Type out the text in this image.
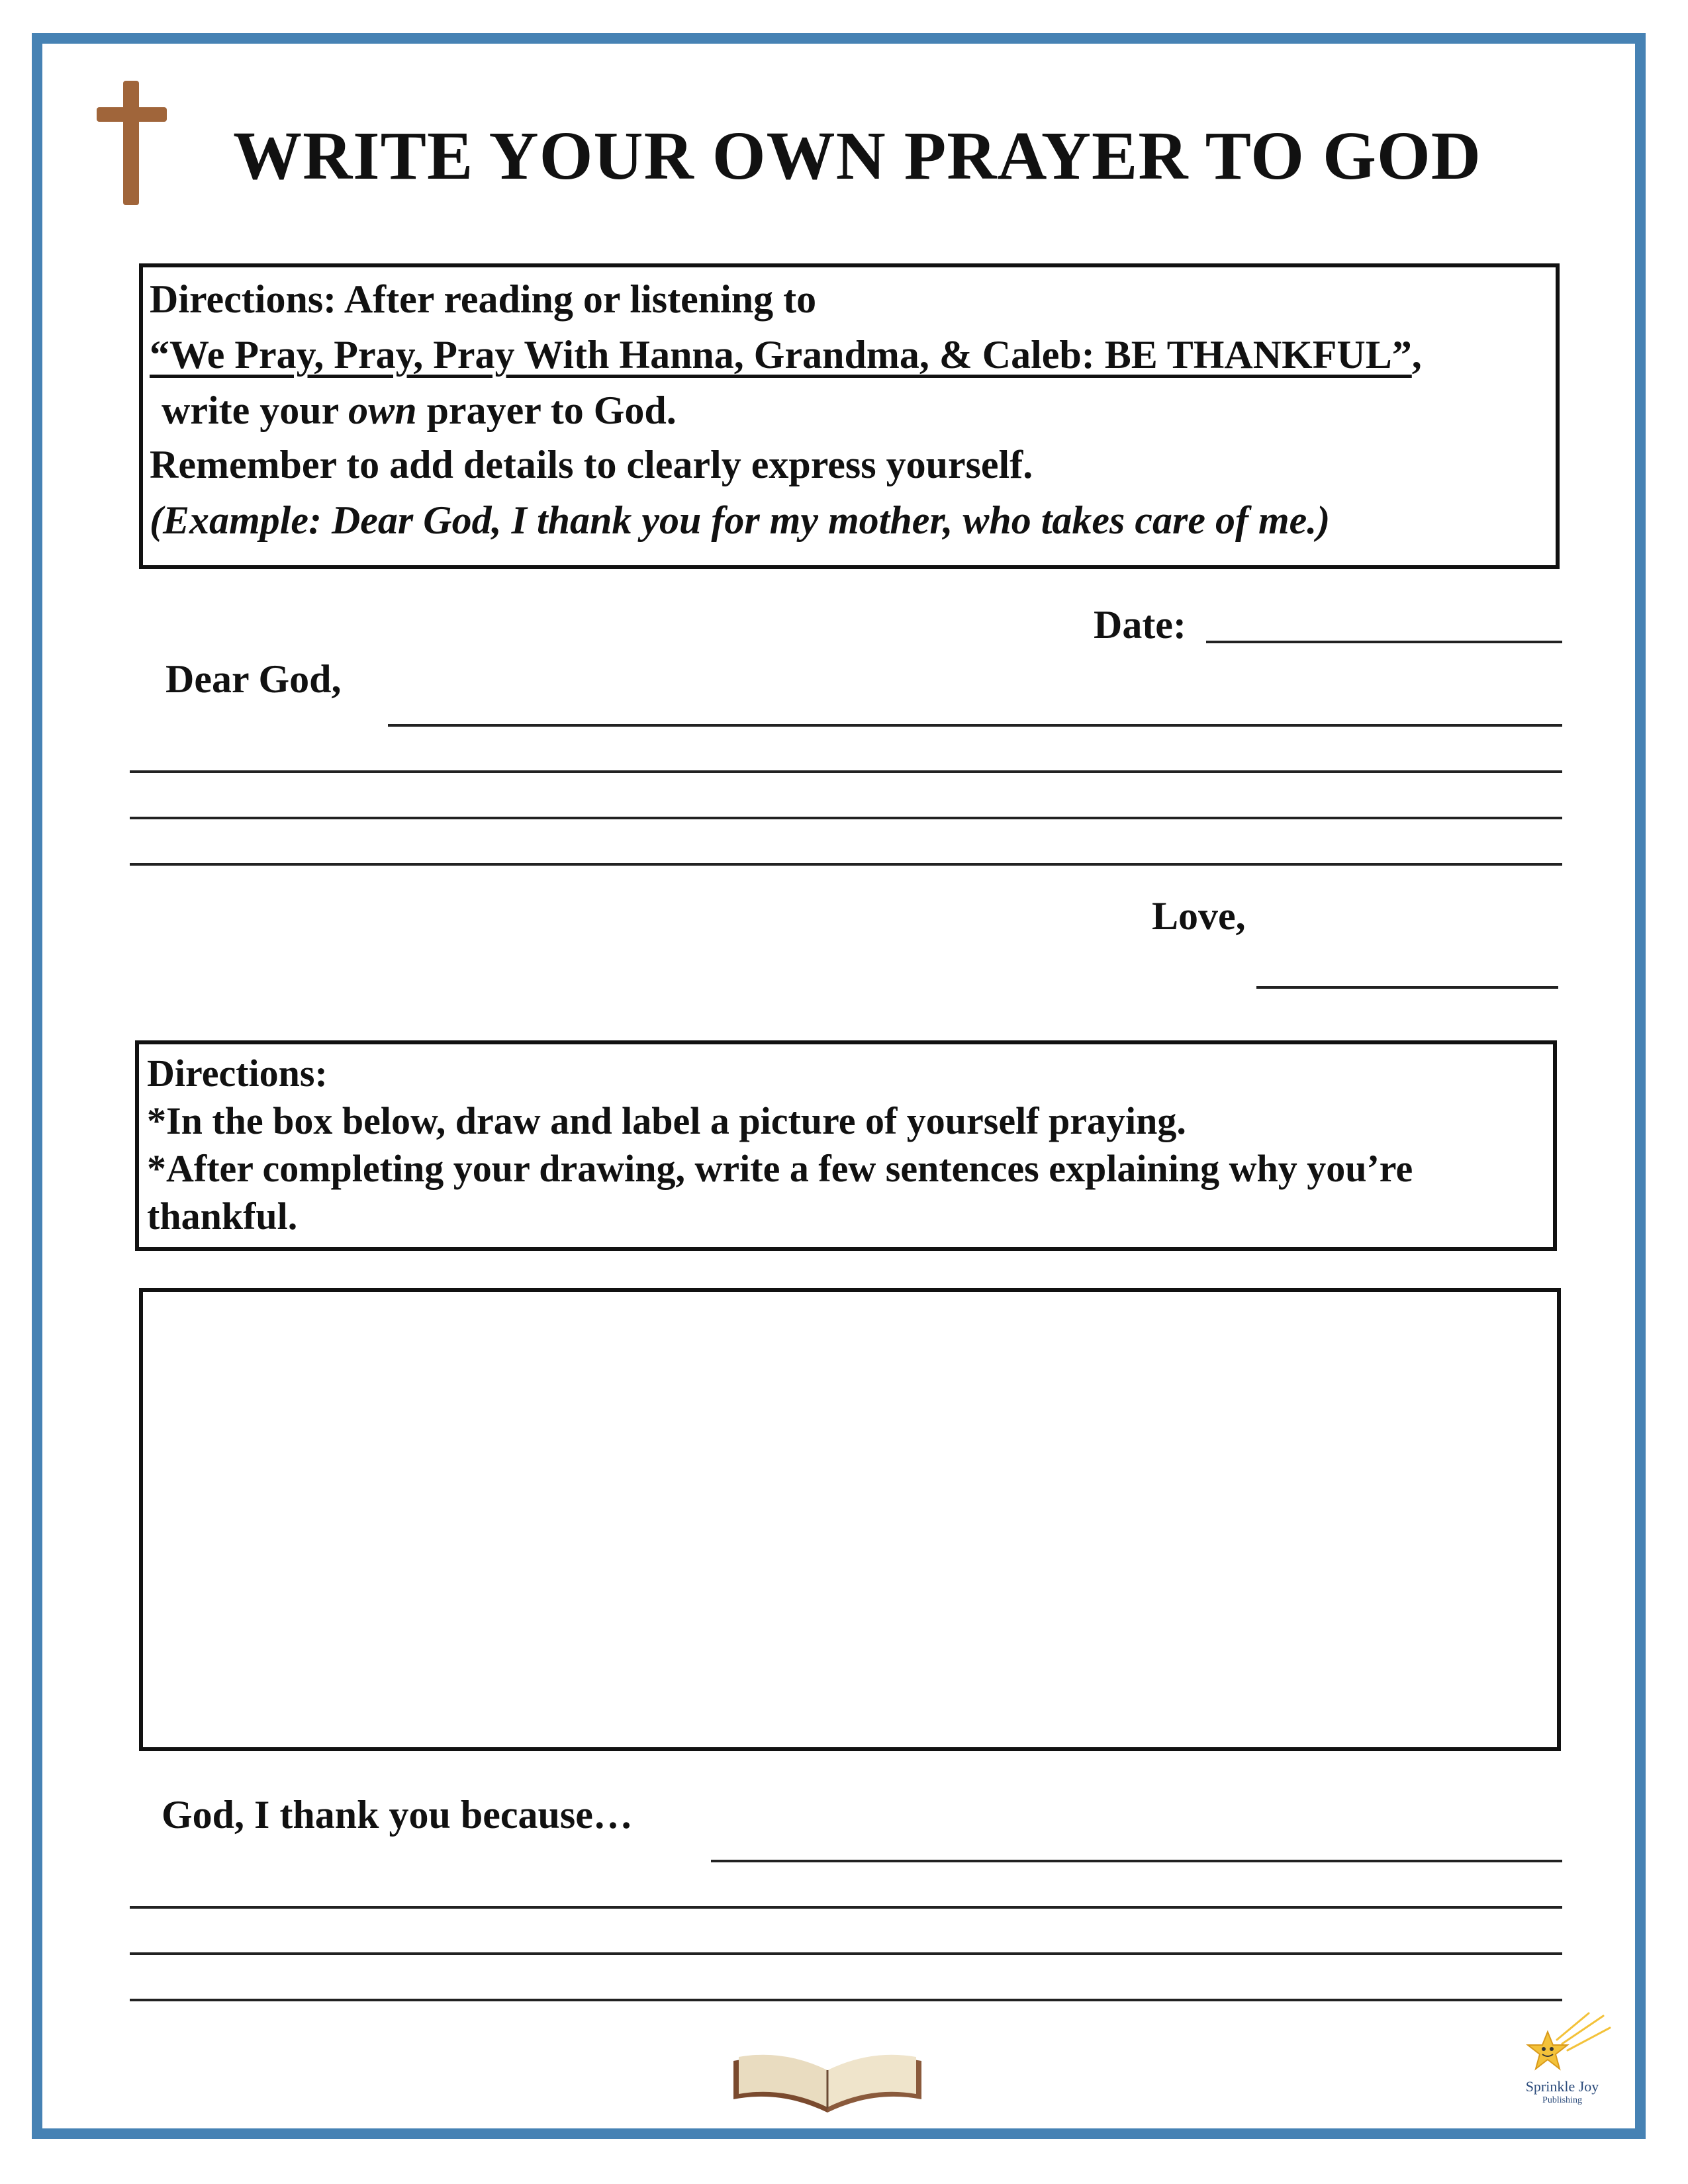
WRITE YOUR OWN PRAYER TO GOD
Directions: After reading or listening to
“We Pray, Pray, Pray With Hanna, Grandma, & Caleb: BE THANKFUL”,
write your own prayer to God.
Remember to add details to clearly express yourself.
(Example: Dear God, I thank you for my mother, who takes care of me.)
Date:
Dear God,
Love,
Directions:
*In the box below, draw and label a picture of yourself praying.
*After completing your drawing, write a few sentences explaining why you’re
thankful.
God, I thank you because…
Sprinkle Joy
Publishing
